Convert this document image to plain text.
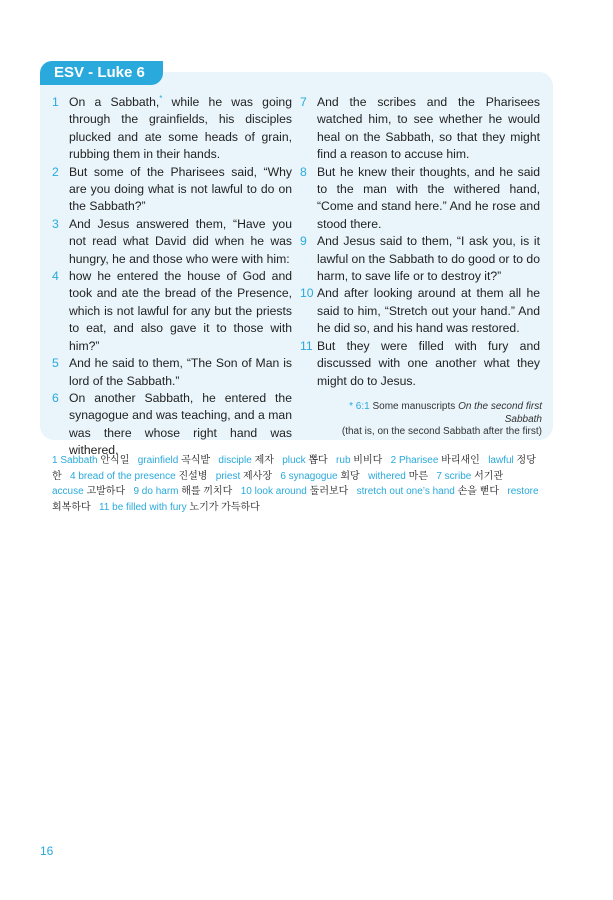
ESV - Luke 6

1 On a Sabbath,* while he was going through the grainfields, his disciples plucked and ate some heads of grain, rubbing them in their hands.

2 But some of the Pharisees said, “Why are you doing what is not lawful to do on the Sabbath?”

3 And Jesus answered them, “Have you not read what David did when he was hungry, he and those who were with him:

4 how he entered the house of God and took and ate the bread of the Presence, which is not lawful for any but the priests to eat, and also gave it to those with him?”

5 And he said to them, “The Son of Man is lord of the Sabbath.”

6 On another Sabbath, he entered the synagogue and was teaching, and a man was there whose right hand was withered.

7 And the scribes and the Pharisees watched him, to see whether he would heal on the Sabbath, so that they might find a reason to accuse him.

8 But he knew their thoughts, and he said to the man with the withered hand, “Come and stand here.” And he rose and stood there.

9 And Jesus said to them, “I ask you, is it lawful on the Sabbath to do good or to do harm, to save life or to destroy it?”

10 And after looking around at them all he said to him, “Stretch out your hand.” And he did so, and his hand was restored.

11 But they were filled with fury and discussed with one another what they might do to Jesus.

* 6:1 Some manuscripts On the second first Sabbath
(that is, on the second Sabbath after the first)
1 Sabbath 안식일 grainfield 곡식밭 disciple 제자 pluck 뽑다 rub 비비다 2 Pharisee 바리새인 lawful 정당한 4 bread of the presence 진설병 priest 제사장 6 synagogue 회당 withered 마른 7 scribe 서기관   accuse 고발하다 9 do harm 해를 끼치다 10 look around 둘러보다 stretch out one’s hand 손을 뻗다 restore 회복하다 11 be filled with fury 노기가 가득하다
16
